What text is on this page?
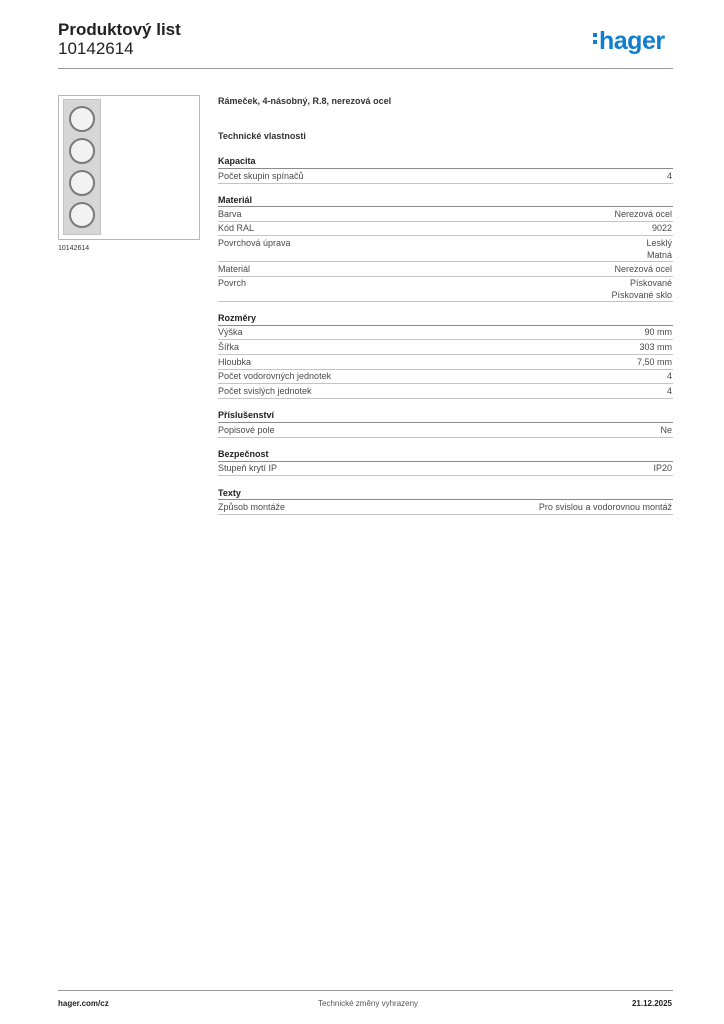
Produktový list
10142614	hager
10142614
Rámeček, 4-násobný, R.8, nerezová ocel
Technické vlastnosti
Kapacita
Počet skupin spínačů	4
Materiál
Barva	Nerezová ocel
Kód RAL	9022
Povrchová úprava	Lesklý
Matná
Materiál	Nerezová ocel
Povrch	Pískované
Pískované sklo
Rozměry
Výška	90 mm
Šířka	303 mm
Hloubka	7,50 mm
Počet vodorovných jednotek	4
Počet svislých jednotek	4
Příslušenství
Popisové pole	Ne
Bezpečnost
Stupeň krytí IP	IP20
Texty
Způsob montáže	Pro svislou a vodorovnou montáž
hager.com/cz	Technické změny vyhrazeny	21.12.2025
